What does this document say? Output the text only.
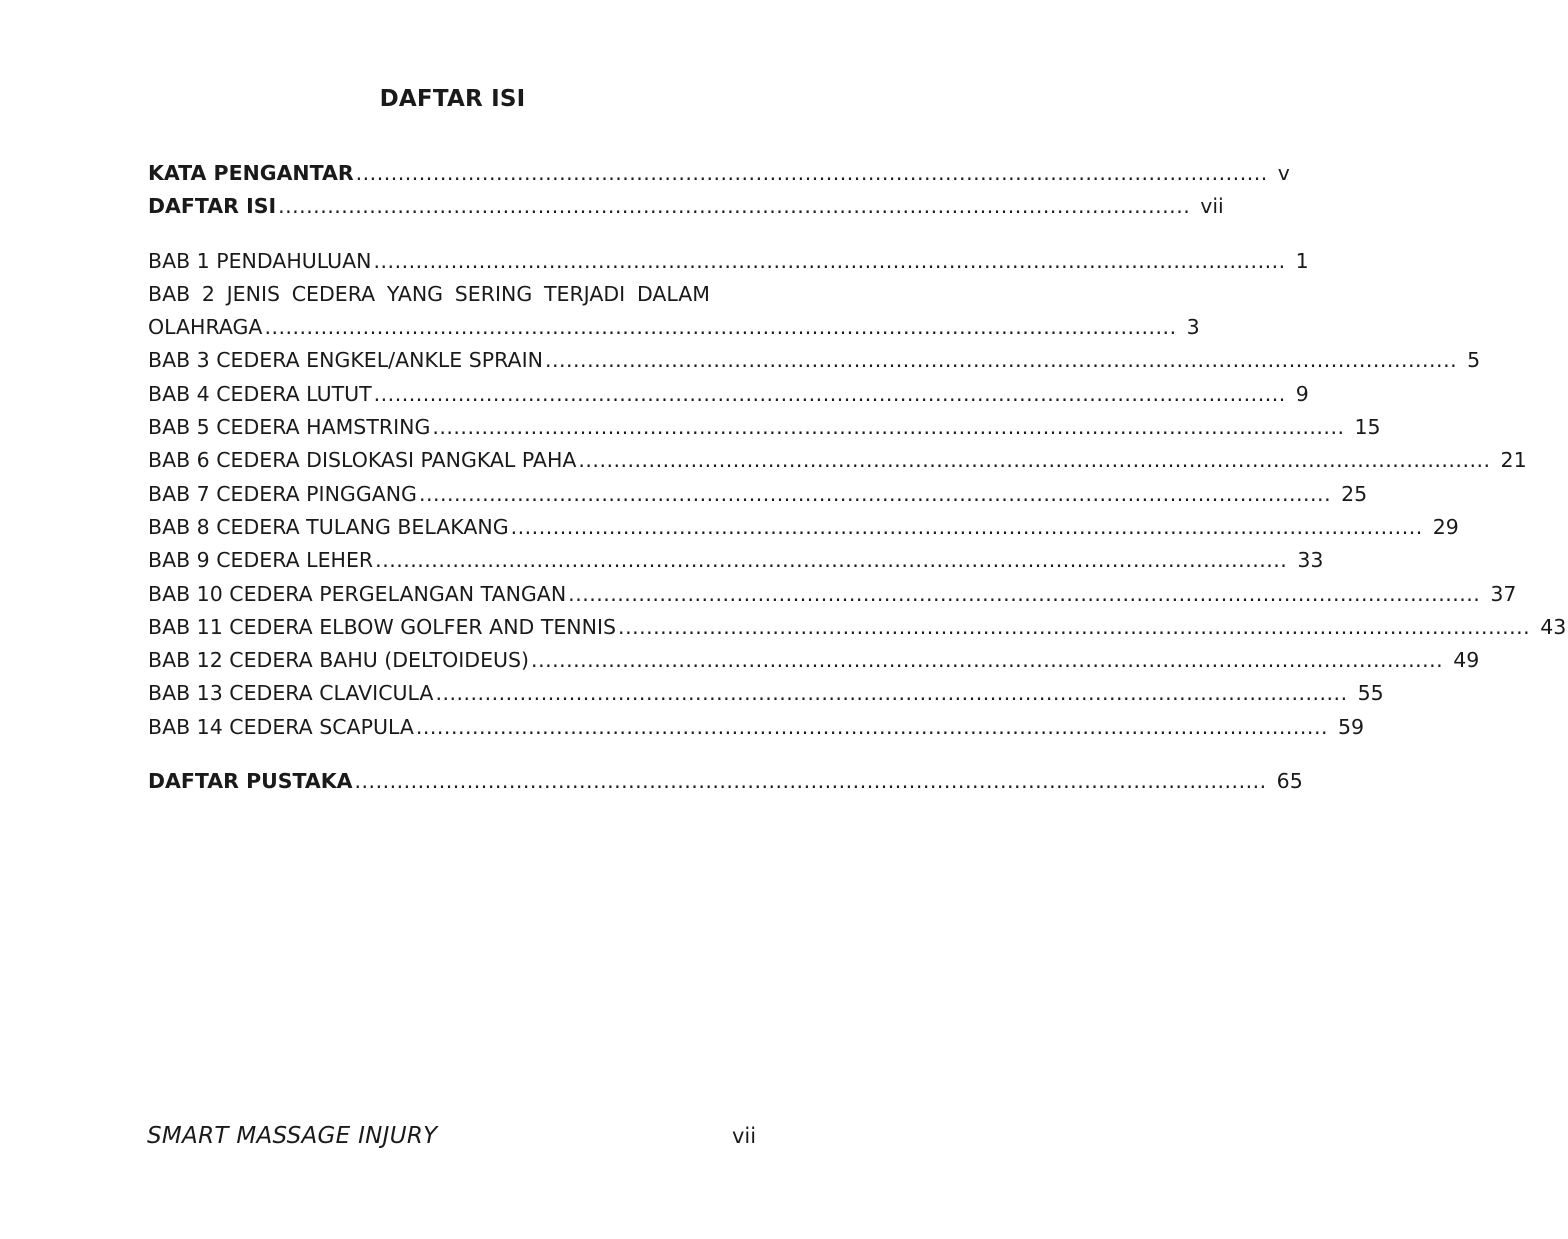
DAFTAR ISI
KATA PENGANTAR .................................................................................................................................. v
DAFTAR ISI .................................................................................................................................. vii
BAB 1 PENDAHULUAN .................................................................................................................................. 1
BAB 2 JENIS CEDERA YANG SERING TERJADI DALAM
OLAHRAGA .................................................................................................................................. 3
BAB 3 CEDERA ENGKEL/ANKLE SPRAIN .................................................................................................................................. 5
BAB 4 CEDERA LUTUT .................................................................................................................................. 9
BAB 5 CEDERA HAMSTRING .................................................................................................................................. 15
BAB 6 CEDERA DISLOKASI PANGKAL PAHA .................................................................................................................................. 21
BAB 7 CEDERA PINGGANG .................................................................................................................................. 25
BAB 8 CEDERA TULANG BELAKANG .................................................................................................................................. 29
BAB 9 CEDERA LEHER .................................................................................................................................. 33
BAB 10 CEDERA PERGELANGAN TANGAN .................................................................................................................................. 37
BAB 11 CEDERA ELBOW GOLFER AND TENNIS .................................................................................................................................. 43
BAB 12 CEDERA BAHU (DELTOIDEUS) .................................................................................................................................. 49
BAB 13 CEDERA CLAVICULA .................................................................................................................................. 55
BAB 14 CEDERA SCAPULA .................................................................................................................................. 59
DAFTAR PUSTAKA .................................................................................................................................. 65
SMART MASSAGE INJURY	vii
